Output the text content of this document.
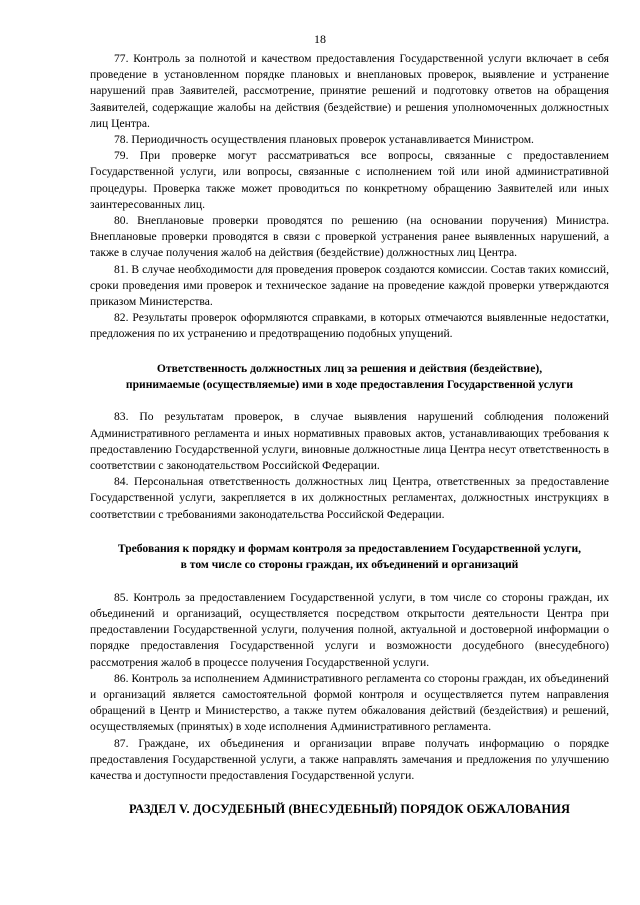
18

77. Контроль за полнотой и качеством предоставления Государственной услуги включает в себя проведение в установленном порядке плановых и внеплановых проверок, выявление и устранение нарушений прав Заявителей, рассмотрение, принятие решений и подготовку ответов на обращения Заявителей, содержащие жалобы на действия (бездействие) и решения уполномоченных должностных лиц Центра.

78. Периодичность осуществления плановых проверок устанавливается Министром.

79. При проверке могут рассматриваться все вопросы, связанные с предоставлением Государственной услуги, или вопросы, связанные с исполнением той или иной административной процедуры. Проверка также может проводиться по конкретному обращению Заявителей или иных заинтересованных лиц.

80. Внеплановые проверки проводятся по решению (на основании поручения) Министра. Внеплановые проверки проводятся в связи с проверкой устранения ранее выявленных нарушений, а также в случае получения жалоб на действия (бездействие) должностных лиц Центра.

81. В случае необходимости для проведения проверок создаются комиссии. Состав таких комиссий, сроки проведения ими проверок и техническое задание на проведение каждой проверки утверждаются приказом Министерства.

82. Результаты проверок оформляются справками, в которых отмечаются выявленные недостатки, предложения по их устранению и предотвращению подобных упущений.

Ответственность должностных лиц за решения и действия (бездействие),
принимаемые (осуществляемые) ими в ходе предоставления Государственной услуги

83. По результатам проверок, в случае выявления нарушений соблюдения положений Административного регламента и иных нормативных правовых актов, устанавливающих требования к предоставлению Государственной услуги, виновные должностные лица Центра несут ответственность в соответствии с законодательством Российской Федерации.

84. Персональная ответственность должностных лиц Центра, ответственных за предоставление Государственной услуги, закрепляется в их должностных регламентах, должностных инструкциях в соответствии с требованиями законодательства Российской Федерации.

Требования к порядку и формам контроля за предоставлением Государственной услуги,
в том числе со стороны граждан, их объединений и организаций

85. Контроль за предоставлением Государственной услуги, в том числе со стороны граждан, их объединений и организаций, осуществляется посредством открытости деятельности Центра при предоставлении Государственной услуги, получения полной, актуальной и достоверной информации о порядке предоставления Государственной услуги и возможности досудебного (внесудебного) рассмотрения жалоб в процессе получения Государственной услуги.

86. Контроль за исполнением Административного регламента со стороны граждан, их объединений и организаций является самостоятельной формой контроля и осуществляется путем направления обращений в Центр и Министерство, а также путем обжалования действий (бездействия) и решений, осуществляемых (принятых) в ходе исполнения Административного регламента.

87. Граждане, их объединения и организации вправе получать информацию о порядке предоставления Государственной услуги, а также направлять замечания и предложения по улучшению качества и доступности предоставления Государственной услуги.

РАЗДЕЛ V. ДОСУДЕБНЫЙ (ВНЕСУДЕБНЫЙ) ПОРЯДОК ОБЖАЛОВАНИЯ
